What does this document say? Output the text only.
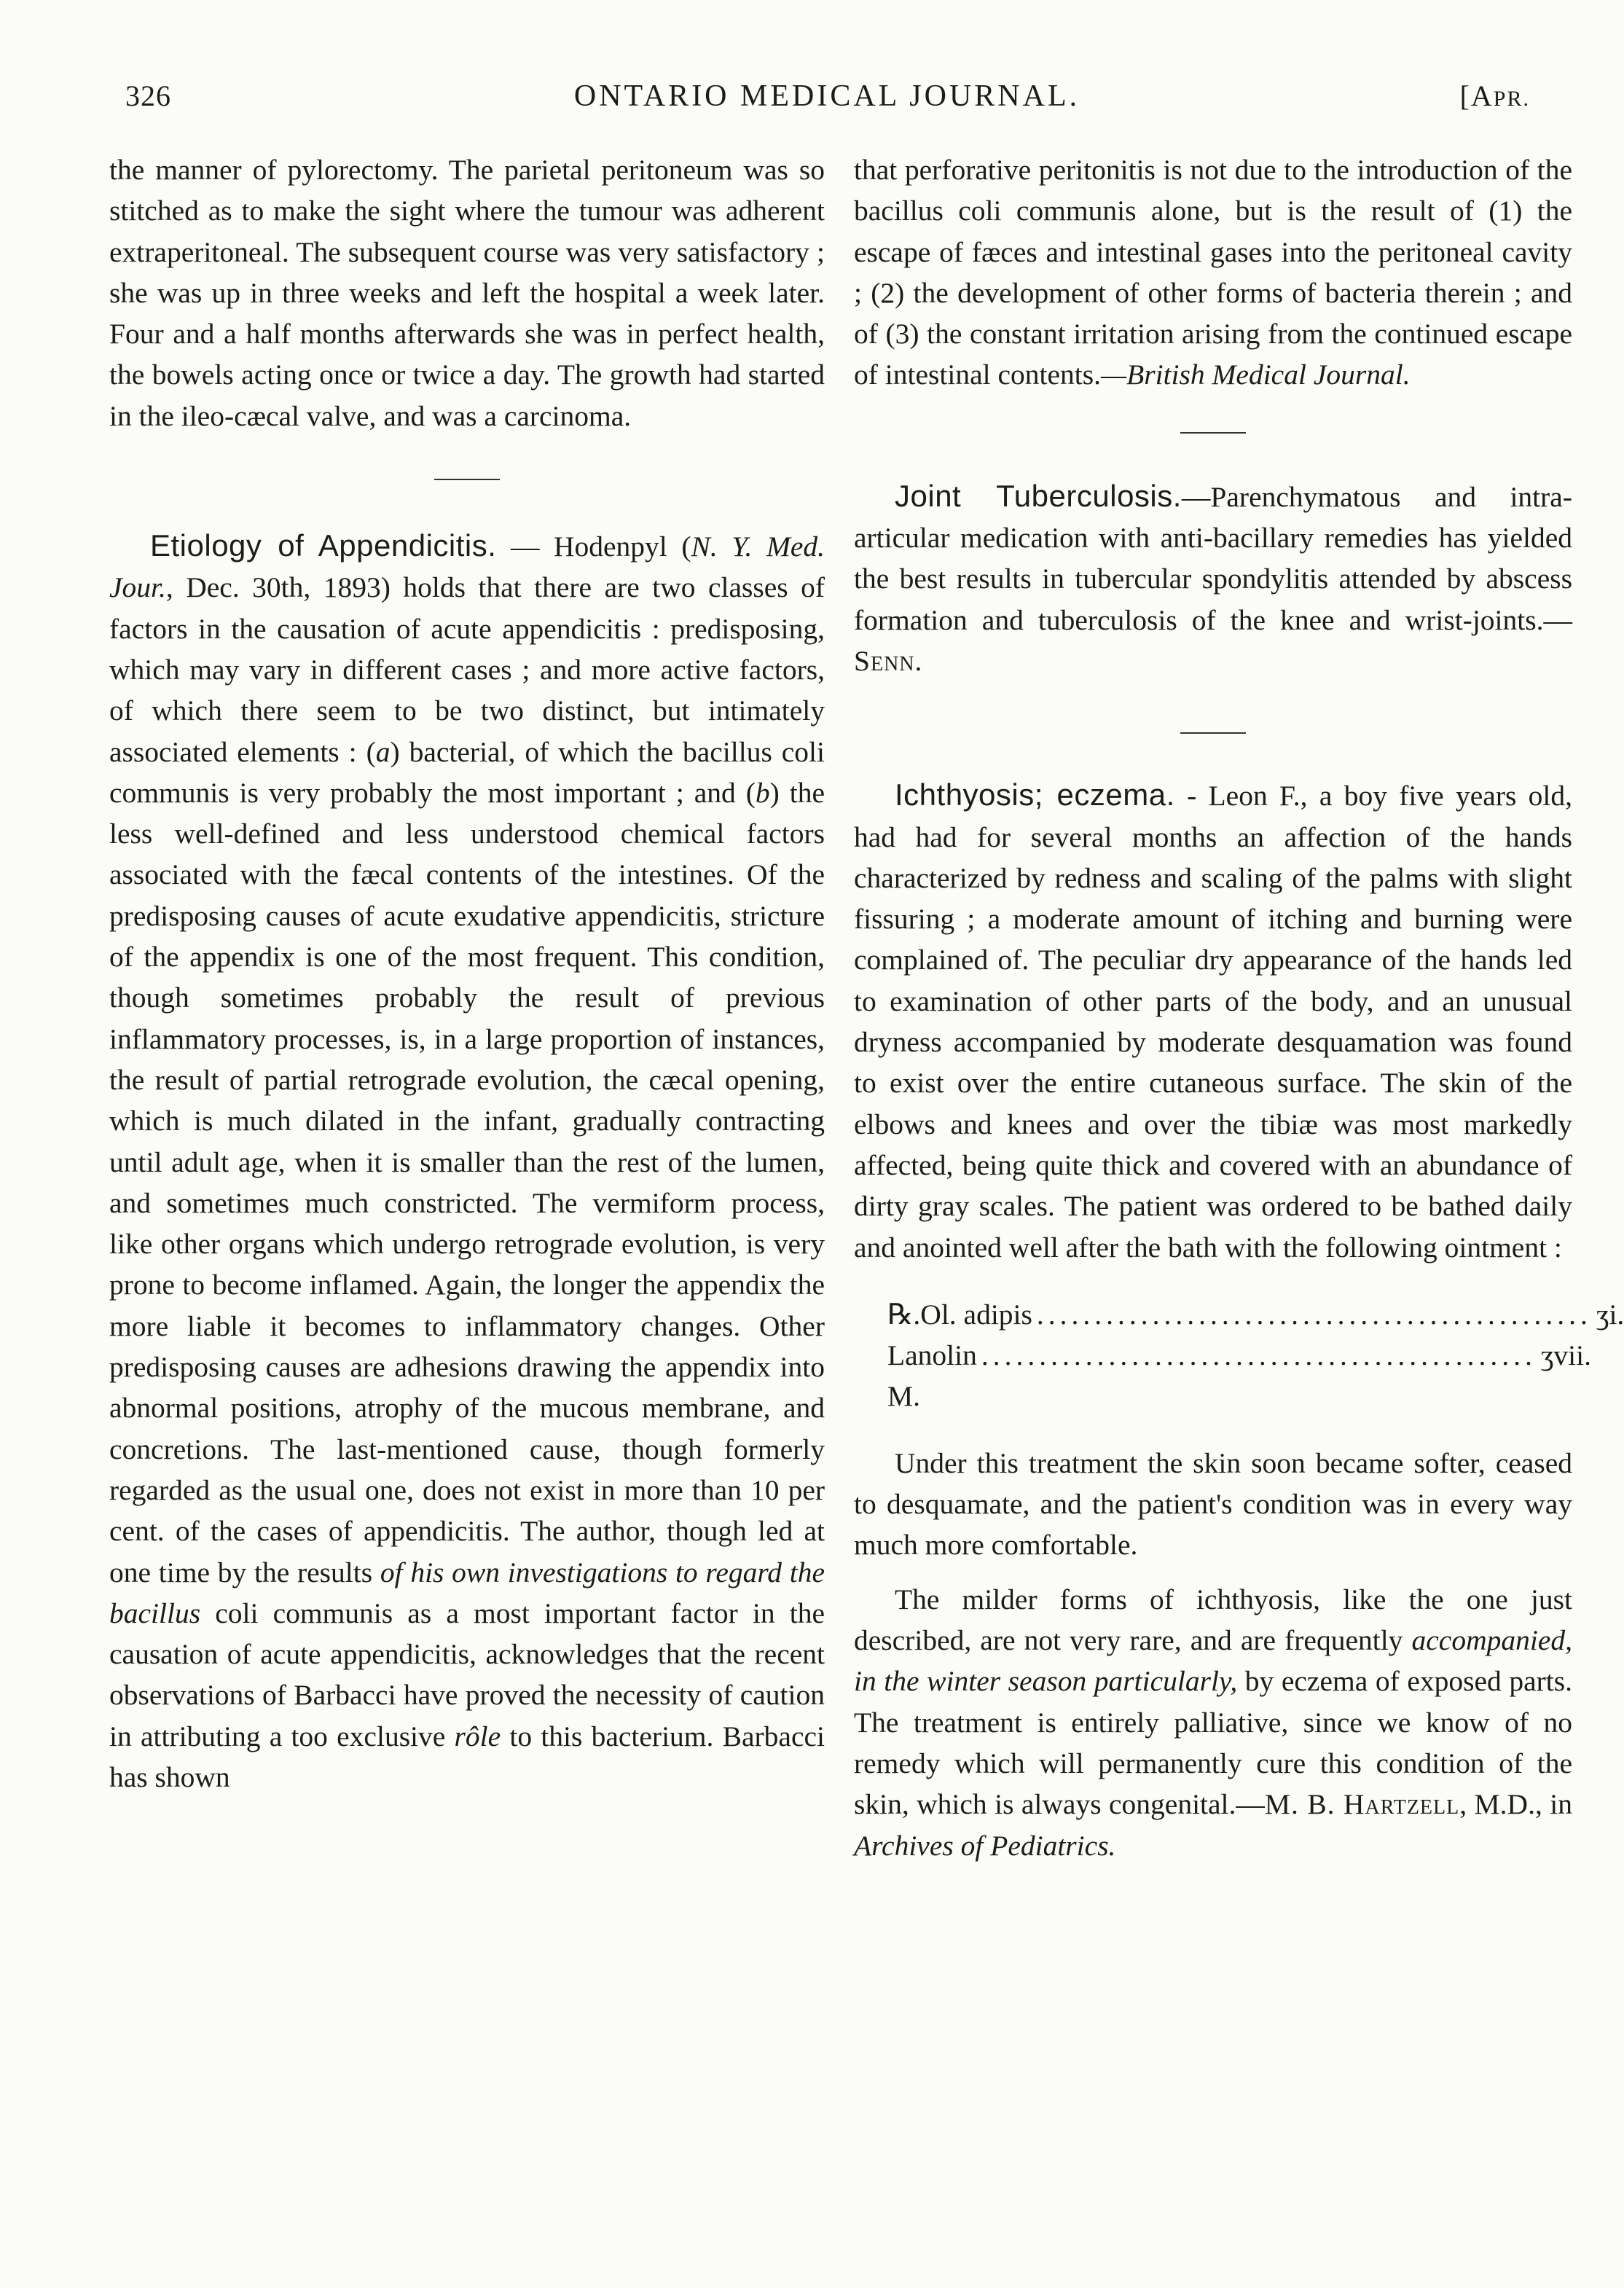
326	ONTARIO MEDICAL JOURNAL.	[APR.

the manner of pylorectomy. The parietal peritoneum was so stitched as to make the sight where the tumour was adherent extraperitoneal. The subsequent course was very satisfactory ; she was up in three weeks and left the hospital a week later. Four and a half months afterwards she was in perfect health, the bowels acting once or twice a day. The growth had started in the ileo-cæcal valve, and was a carcinoma.

Etiology of Appendicitis. — Hodenpyl (N. Y. Med. Jour., Dec. 30th, 1893) holds that there are two classes of factors in the causation of acute appendicitis : predisposing, which may vary in different cases ; and more active factors, of which there seem to be two distinct, but intimately associated elements : (a) bacterial, of which the bacillus coli communis is very probably the most important ; and (b) the less well-defined and less understood chemical factors associated with the fæcal contents of the intestines. Of the predisposing causes of acute exudative appendicitis, stricture of the appendix is one of the most frequent. This condition, though sometimes probably the result of previous inflammatory processes, is, in a large proportion of instances, the result of partial retrograde evolution, the cæcal opening, which is much dilated in the infant, gradually contracting until adult age, when it is smaller than the rest of the lumen, and sometimes much constricted. The vermiform process, like other organs which undergo retrograde evolution, is very prone to become inflamed. Again, the longer the appendix the more liable it becomes to inflammatory changes. Other predisposing causes are adhesions drawing the appendix into abnormal positions, atrophy of the mucous membrane, and concretions. The last-mentioned cause, though formerly regarded as the usual one, does not exist in more than 10 per cent. of the cases of appendicitis. The author, though led at one time by the results of his own investigations to regard the bacillus coli communis as a most important factor in the causation of acute appendicitis, acknowledges that the recent observations of Barbacci have proved the necessity of caution in attributing a too exclusive rôle to this bacterium. Barbacci has shown

that perforative peritonitis is not due to the introduction of the bacillus coli communis alone, but is the result of (1) the escape of fæces and intestinal gases into the peritoneal cavity ; (2) the development of other forms of bacteria therein ; and of (3) the constant irritation arising from the continued escape of intestinal contents.—British Medical Journal.

Joint Tuberculosis.—Parenchymatous and intra-articular medication with anti-bacillary remedies has yielded the best results in tubercular spondylitis attended by abscess formation and tuberculosis of the knee and wrist-joints.—Senn.

Ichthyosis; eczema. - Leon F., a boy five years old, had had for several months an affection of the hands characterized by redness and scaling of the palms with slight fissuring ; a moderate amount of itching and burning were complained of. The peculiar dry appearance of the hands led to examination of other parts of the body, and an unusual dryness accompanied by moderate desquamation was found to exist over the entire cutaneous surface. The skin of the elbows and knees and over the tibiæ was most markedly affected, being quite thick and covered with an abundance of dirty gray scales. The patient was ordered to be bathed daily and anointed well after the bath with the following ointment :

℞. Ol. adipis ................................................ ʒi.
Lanolin ................................................ ʒvii.
M.

Under this treatment the skin soon became softer, ceased to desquamate, and the patient's condition was in every way much more comfortable.

The milder forms of ichthyosis, like the one just described, are not very rare, and are frequently accompanied, in the winter season particularly, by eczema of exposed parts. The treatment is entirely palliative, since we know of no remedy which will permanently cure this condition of the skin, which is always congenital.—M. B. Hartzell, M.D., in Archives of Pediatrics.
